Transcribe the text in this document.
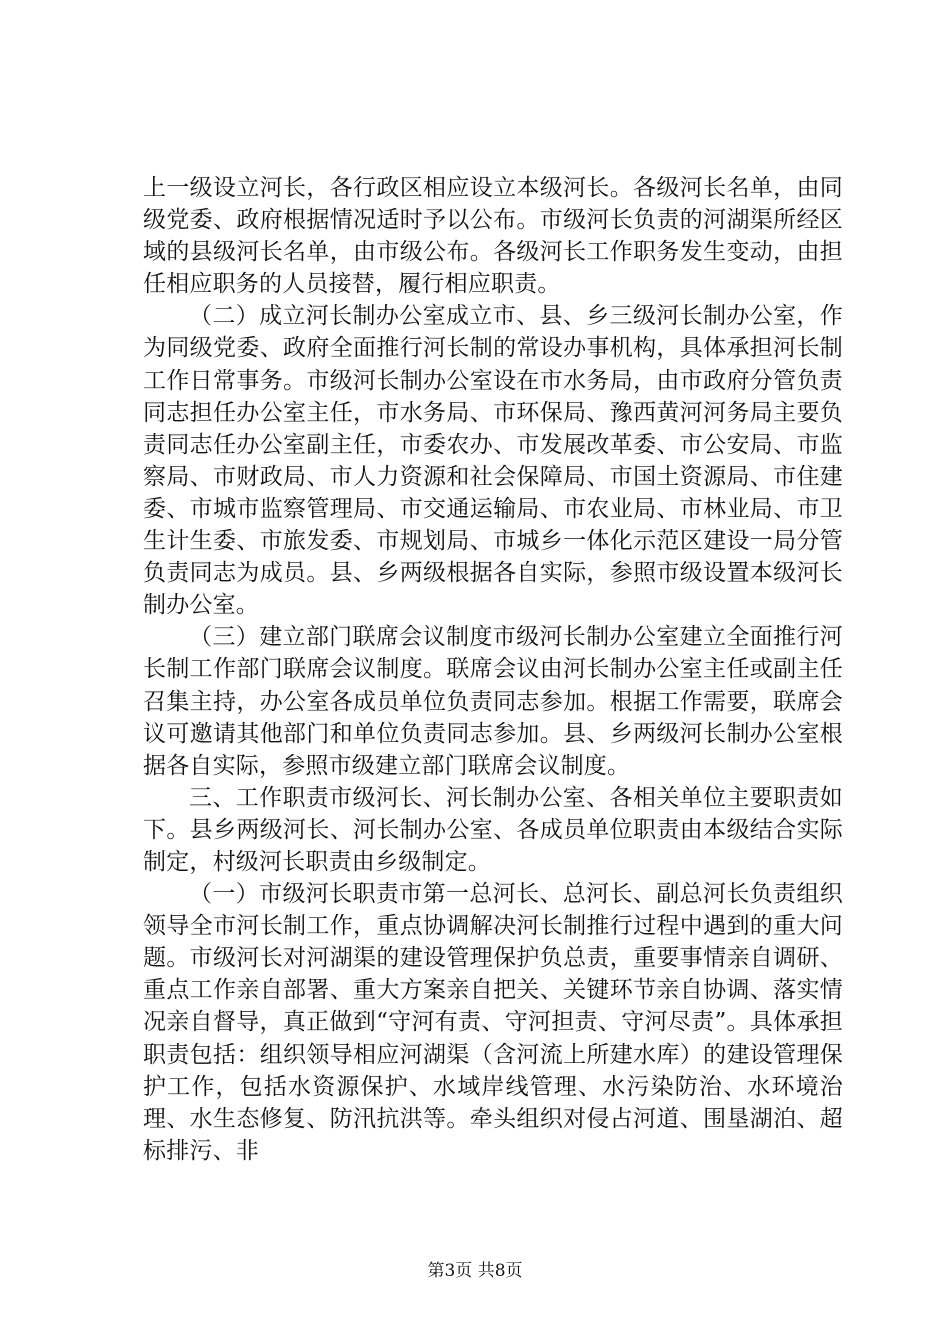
上一级设立河长，各行政区相应设立本级河长。各级河长名单，由同级党委、政府根据情况适时予以公布。市级河长负责的河湖渠所经区域的县级河长名单，由市级公布。各级河长工作职务发生变动，由担任相应职务的人员接替，履行相应职责。

（二）成立河长制办公室成立市、县、乡三级河长制办公室，作为同级党委、政府全面推行河长制的常设办事机构，具体承担河长制工作日常事务。市级河长制办公室设在市水务局，由市政府分管负责同志担任办公室主任，市水务局、市环保局、豫西黄河河务局主要负责同志任办公室副主任，市委农办、市发展改革委、市公安局、市监察局、市财政局、市人力资源和社会保障局、市国土资源局、市住建委、市城市监察管理局、市交通运输局、市农业局、市林业局、市卫生计生委、市旅发委、市规划局、市城乡一体化示范区建设一局分管负责同志为成员。县、乡两级根据各自实际，参照市级设置本级河长制办公室。

（三）建立部门联席会议制度市级河长制办公室建立全面推行河长制工作部门联席会议制度。联席会议由河长制办公室主任或副主任召集主持，办公室各成员单位负责同志参加。根据工作需要，联席会议可邀请其他部门和单位负责同志参加。县、乡两级河长制办公室根据各自实际，参照市级建立部门联席会议制度。

三、工作职责市级河长、河长制办公室、各相关单位主要职责如下。县乡两级河长、河长制办公室、各成员单位职责由本级结合实际制定，村级河长职责由乡级制定。

（一）市级河长职责市第一总河长、总河长、副总河长负责组织领导全市河长制工作，重点协调解决河长制推行过程中遇到的重大问题。市级河长对河湖渠的建设管理保护负总责，重要事情亲自调研、重点工作亲自部署、重大方案亲自把关、关键环节亲自协调、落实情况亲自督导，真正做到“守河有责、守河担责、守河尽责”。具体承担职责包括：组织领导相应河湖渠（含河流上所建水库）的建设管理保护工作，包括水资源保护、水域岸线管理、水污染防治、水环境治理、水生态修复、防汛抗洪等。牵头组织对侵占河道、围垦湖泊、超标排污、非

第3页 共8页
